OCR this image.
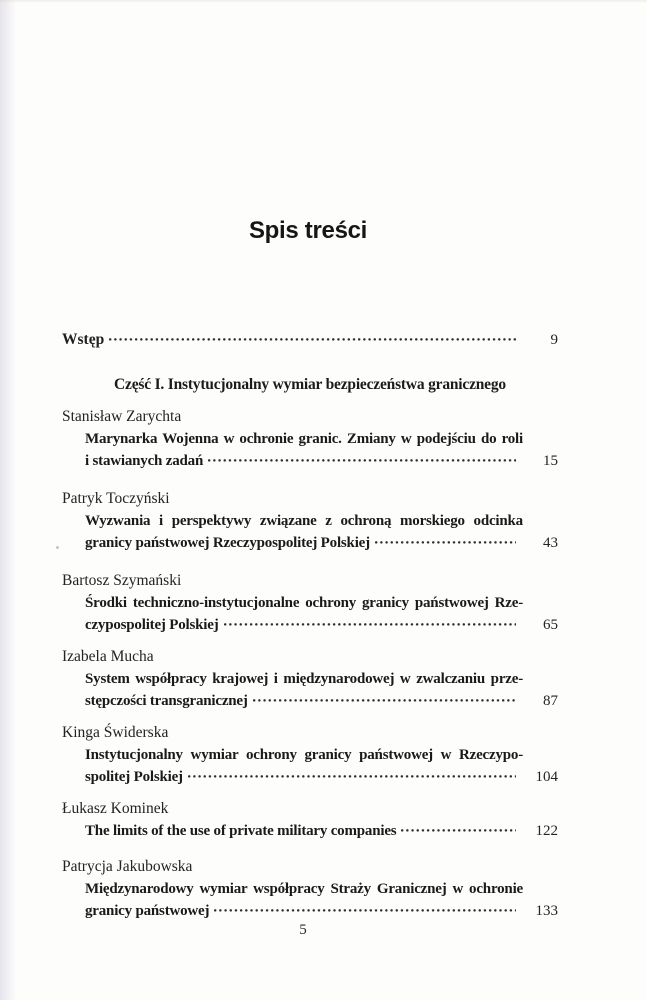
Spis treści
Wstęp	9
Część I. Instytucjonalny wymiar bezpieczeństwa granicznego
Stanisław Zarychta
Marynarka Wojenna w ochronie granic. Zmiany w podejściu do roli
i stawianych zadań	15
Patryk Toczyński
Wyzwania i perspektywy związane z ochroną morskiego odcinka
granicy państwowej Rzeczypospolitej Polskiej	43
Bartosz Szymański
Środki techniczno-instytucjonalne ochrony granicy państwowej Rze-
czypospolitej Polskiej	65
Izabela Mucha
System współpracy krajowej i międzynarodowej w zwalczaniu prze-
stępczości transgranicznej	87
Kinga Świderska
Instytucjonalny wymiar ochrony granicy państwowej w Rzeczypo-
spolitej Polskiej	104
Łukasz Kominek
The limits of the use of private military companies	122
Patrycja Jakubowska
Międzynarodowy wymiar współpracy Straży Granicznej w ochronie
granicy państwowej	133
5
